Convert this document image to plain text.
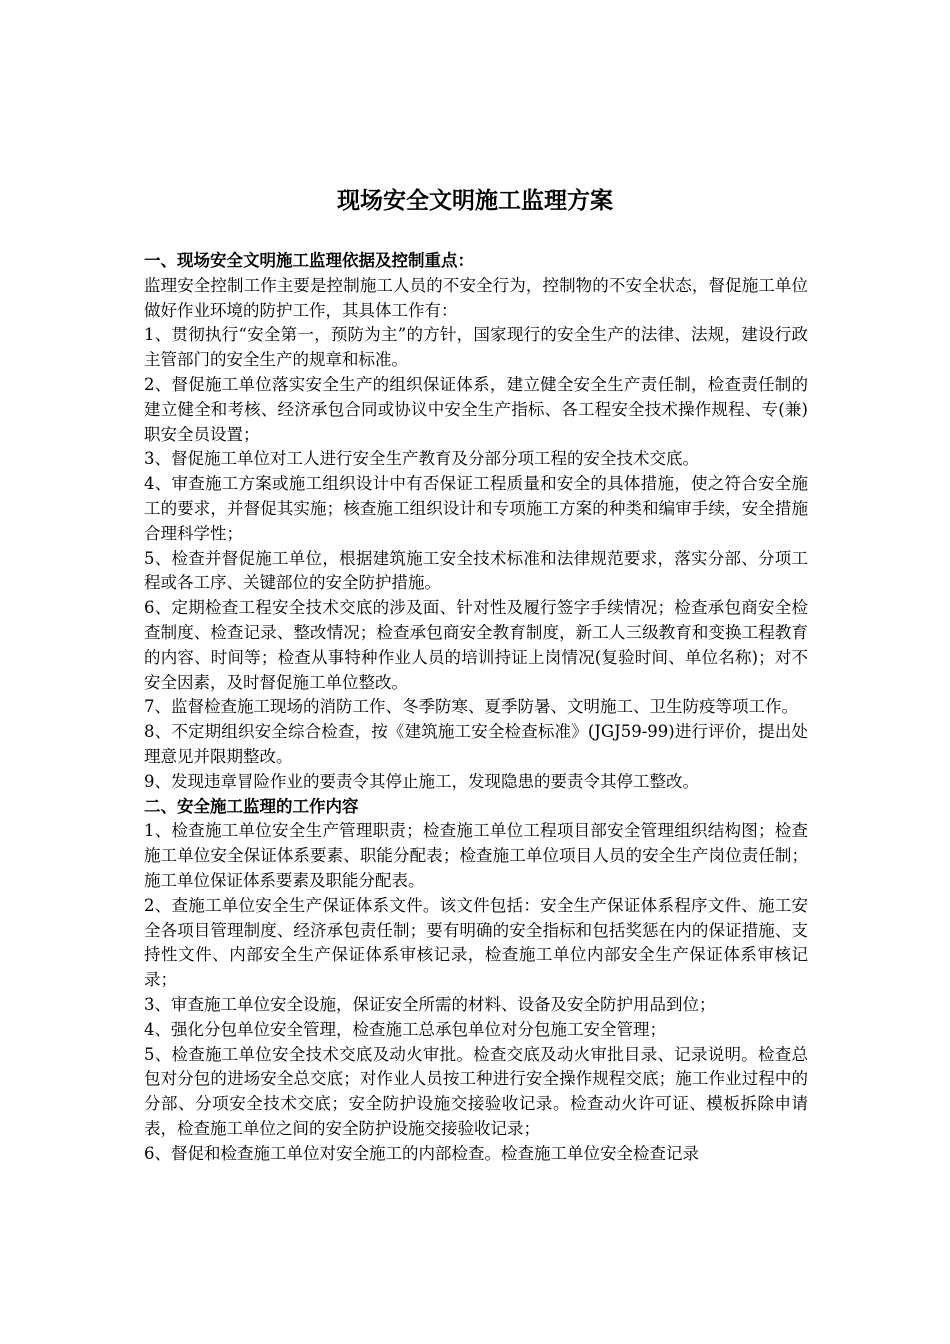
现场安全文明施工监理方案

一、现场安全文明施工监理依据及控制重点：

监理安全控制工作主要是控制施工人员的不安全行为，控制物的不安全状态，督促施工单位做好作业环境的防护工作，其具体工作有：

1、贯彻执行“安全第一，预防为主”的方针，国家现行的安全生产的法律、法规，建设行政主管部门的安全生产的规章和标准。

2、督促施工单位落实安全生产的组织保证体系，建立健全安全生产责任制，检查责任制的建立健全和考核、经济承包合同或协议中安全生产指标、各工程安全技术操作规程、专(兼)职安全员设置；

3、督促施工单位对工人进行安全生产教育及分部分项工程的安全技术交底。

4、审查施工方案或施工组织设计中有否保证工程质量和安全的具体措施，使之符合安全施工的要求，并督促其实施；核查施工组织设计和专项施工方案的种类和编审手续，安全措施合理科学性；

5、检查并督促施工单位，根据建筑施工安全技术标准和法律规范要求，落实分部、分项工程或各工序、关键部位的安全防护措施。

6、定期检查工程安全技术交底的涉及面、针对性及履行签字手续情况；检查承包商安全检查制度、检查记录、整改情况；检查承包商安全教育制度，新工人三级教育和变换工程教育的内容、时间等；检查从事特种作业人员的培训持证上岗情况(复验时间、单位名称)；对不安全因素，及时督促施工单位整改。

7、监督检查施工现场的消防工作、冬季防寒、夏季防暑、文明施工、卫生防疫等项工作。

8、不定期组织安全综合检查，按《建筑施工安全检查标准》(JGJ59-99)进行评价，提出处理意见并限期整改。

9、发现违章冒险作业的要责令其停止施工，发现隐患的要责令其停工整改。

二、安全施工监理的工作内容

1、检查施工单位安全生产管理职责；检查施工单位工程项目部安全管理组织结构图；检查施工单位安全保证体系要素、职能分配表；检查施工单位项目人员的安全生产岗位责任制；施工单位保证体系要素及职能分配表。

2、查施工单位安全生产保证体系文件。该文件包括：安全生产保证体系程序文件、施工安全各项目管理制度、经济承包责任制；要有明确的安全指标和包括奖惩在内的保证措施、支持性文件、内部安全生产保证体系审核记录，检查施工单位内部安全生产保证体系审核记录；

3、审查施工单位安全设施，保证安全所需的材料、设备及安全防护用品到位；

4、强化分包单位安全管理，检查施工总承包单位对分包施工安全管理；

5、检查施工单位安全技术交底及动火审批。检查交底及动火审批目录、记录说明。检查总包对分包的进场安全总交底；对作业人员按工种进行安全操作规程交底；施工作业过程中的分部、分项安全技术交底；安全防护设施交接验收记录。检查动火许可证、模板拆除申请表，检查施工单位之间的安全防护设施交接验收记录；

6、督促和检查施工单位对安全施工的内部检查。检查施工单位安全检查记录
